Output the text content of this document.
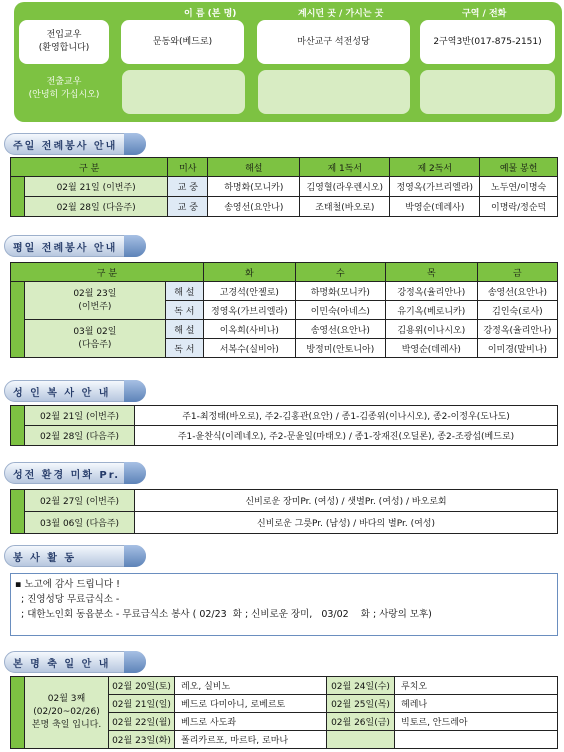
이 름 (본 명)	계시던 곳 / 가시는 곳	구역 / 전화
전입교우
(환영합니다)
문동와(베드로)	마산교구 석전성당	2구역3반(017-875-2151)
전출교우
(안녕히 가십시오)
주일 전례봉사 안내
구 분		미사	해설	제 1독서	제 2독서	예물 봉헌
	02월 21일 (이번주)	교 중	하명화(모니카)	김영혈(라우렌시오)	정영옥(가브리엘라)	노두연/이명숙
	02월 28일 (다음주)	교 중	송영선(요안나)	조태철(바오로)	박영순(데레사)	이명락/정순덕
평일 전례봉사 안내
구 분			화	수	목	금
	02월 23일
(이번주)	해 설	고경석(안젤로)	하명화(모니카)	강정옥(율리안나)	송영선(요안나)
		독 서	정영옥(가브리엘라)	이민숙(아네스)	유기옥(베로니카)	김인숙(로사)
	03월 02일
(다음주)	해 설	이옥희(사비나)	송영선(요안나)	김용위(이나시오)	강정옥(율리안나)
		독 서	서복수(실비아)	방정미(안토니아)	박영순(데레사)	이미경(말비나)
성 인 복 사 안 내
	02월 21일 (이번주)	주1-최정태(바오로), 주2-김홍관(요안) / 종1-김종위(이나시오), 종2-이정우(도나도)
	02월 28일 (다음주)	주1-윤찬식(이레네오), 주2-문윤일(마태오) / 종1-장재진(오딜론), 종2-조광섭(베드로)
성전 환경 미화 Pr.
	02월 27일 (이번주)	신비로운 장미Pr. (여성) / 샛별Pr. (여성) / 바오로회
	03월 06일 (다음주)	신비로운 그릇Pr. (남성) / 바다의 별Pr. (여성)
봉 사 활 동
▪ 노고에 감사 드립니다 !
; 진영성당 무료급식소 -
; 대한노인회 동읍분소 - 무료급식소 봉사 ( 02/23  화 ; 신비로운 장미,   03/02    화 ; 사랑의 모후)
본 명 축 일 안 내
	02월 3째
(02/20~02/26)
본명 축일 입니다.	02월 20일(토)	레오, 실비노	02월 24일(수)	루치오
		02월 21일(일)	베드로 다미아니, 로베르토	02월 25일(목)	헤레나
		02월 22일(월)	베드로 사도좌	02월 26일(금)	빅토르, 안드레아
		02월 23일(화)	폴리카르포, 마르타, 로마나		
